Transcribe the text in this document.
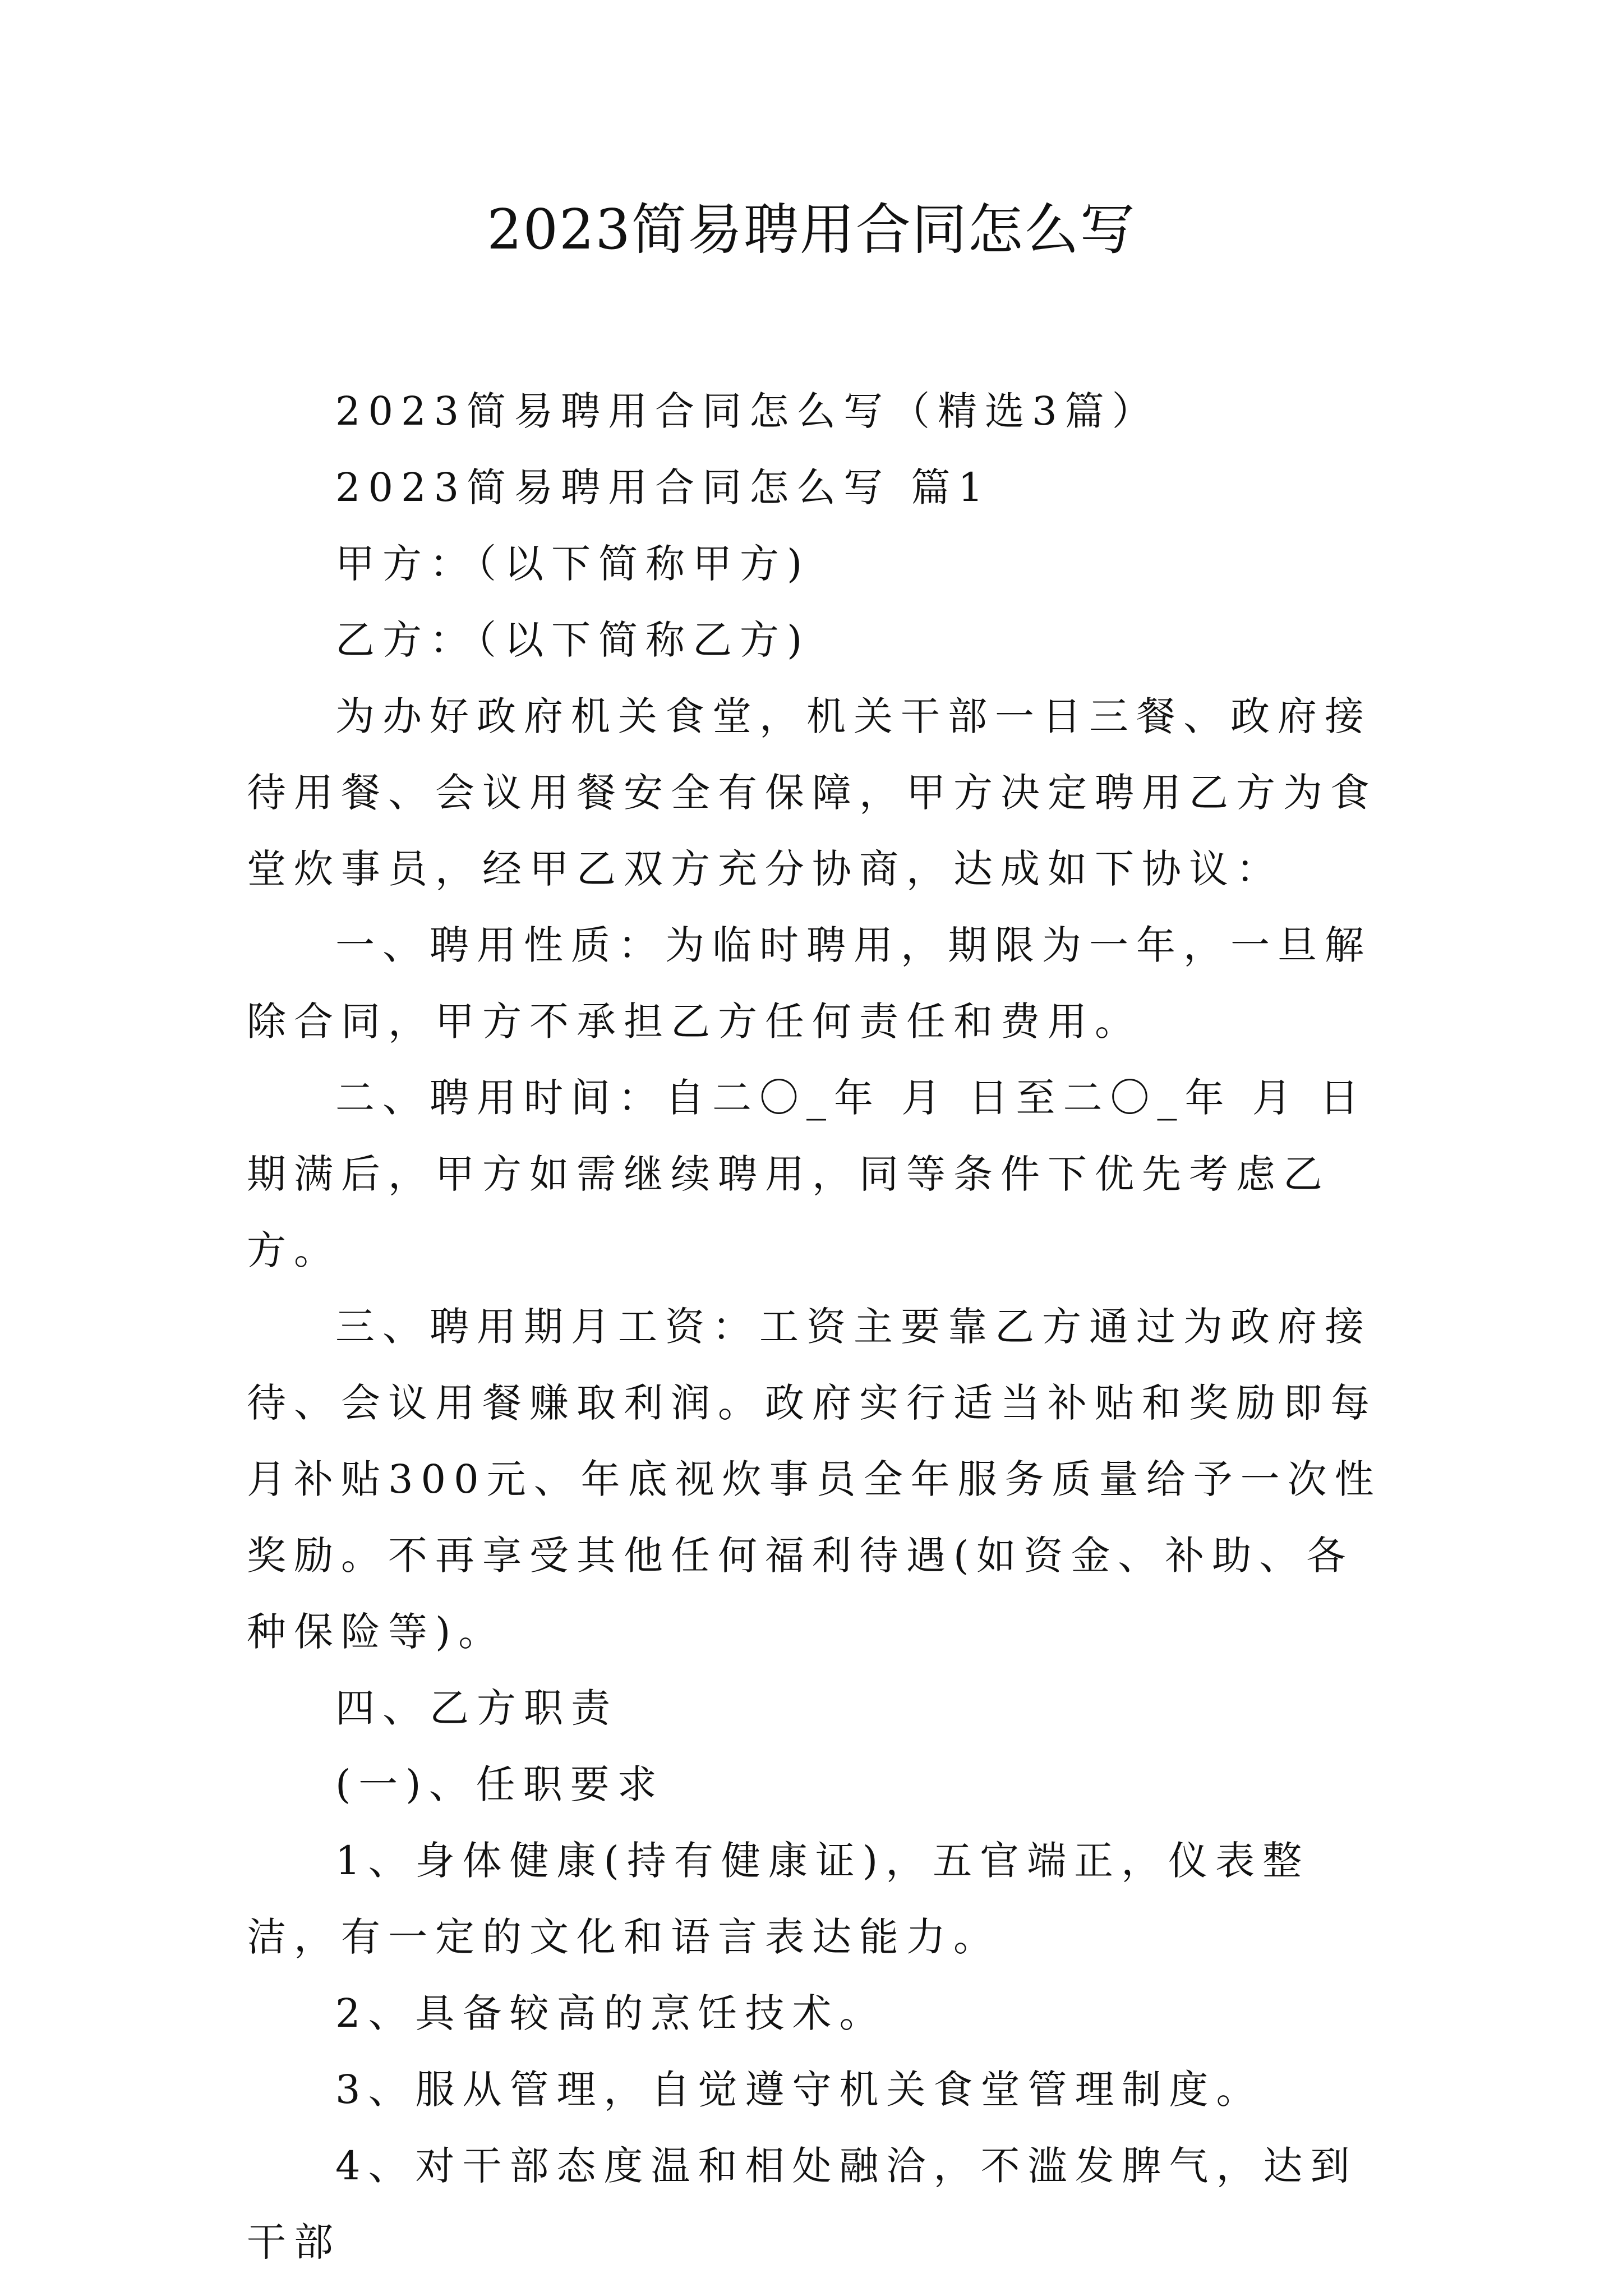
2023简易聘用合同怎么写

2023简易聘用合同怎么写（精选3篇）

2023简易聘用合同怎么写 篇1

甲方：（以下简称甲方)

乙方：（以下简称乙方)

为办好政府机关食堂，机关干部一日三餐、政府接待用餐、会议用餐安全有保障，甲方决定聘用乙方为食堂炊事员，经甲乙双方充分协商，达成如下协议：

一、聘用性质：为临时聘用，期限为一年，一旦解除合同，甲方不承担乙方任何责任和费用。

二、聘用时间：自二〇_年 月 日至二〇_年 月 日期满后，甲方如需继续聘用，同等条件下优先考虑乙方。

三、聘用期月工资：工资主要靠乙方通过为政府接待、会议用餐赚取利润。政府实行适当补贴和奖励即每月补贴300元、年底视炊事员全年服务质量给予一次性奖励。不再享受其他任何福利待遇(如资金、补助、各种保险等)。

四、乙方职责

(一)、任职要求

1、身体健康(持有健康证)，五官端正，仪表整洁，有一定的文化和语言表达能力。

2、具备较高的烹饪技术。

3、服从管理，自觉遵守机关食堂管理制度。

4、对干部态度温和相处融洽，不滥发脾气，达到干部
